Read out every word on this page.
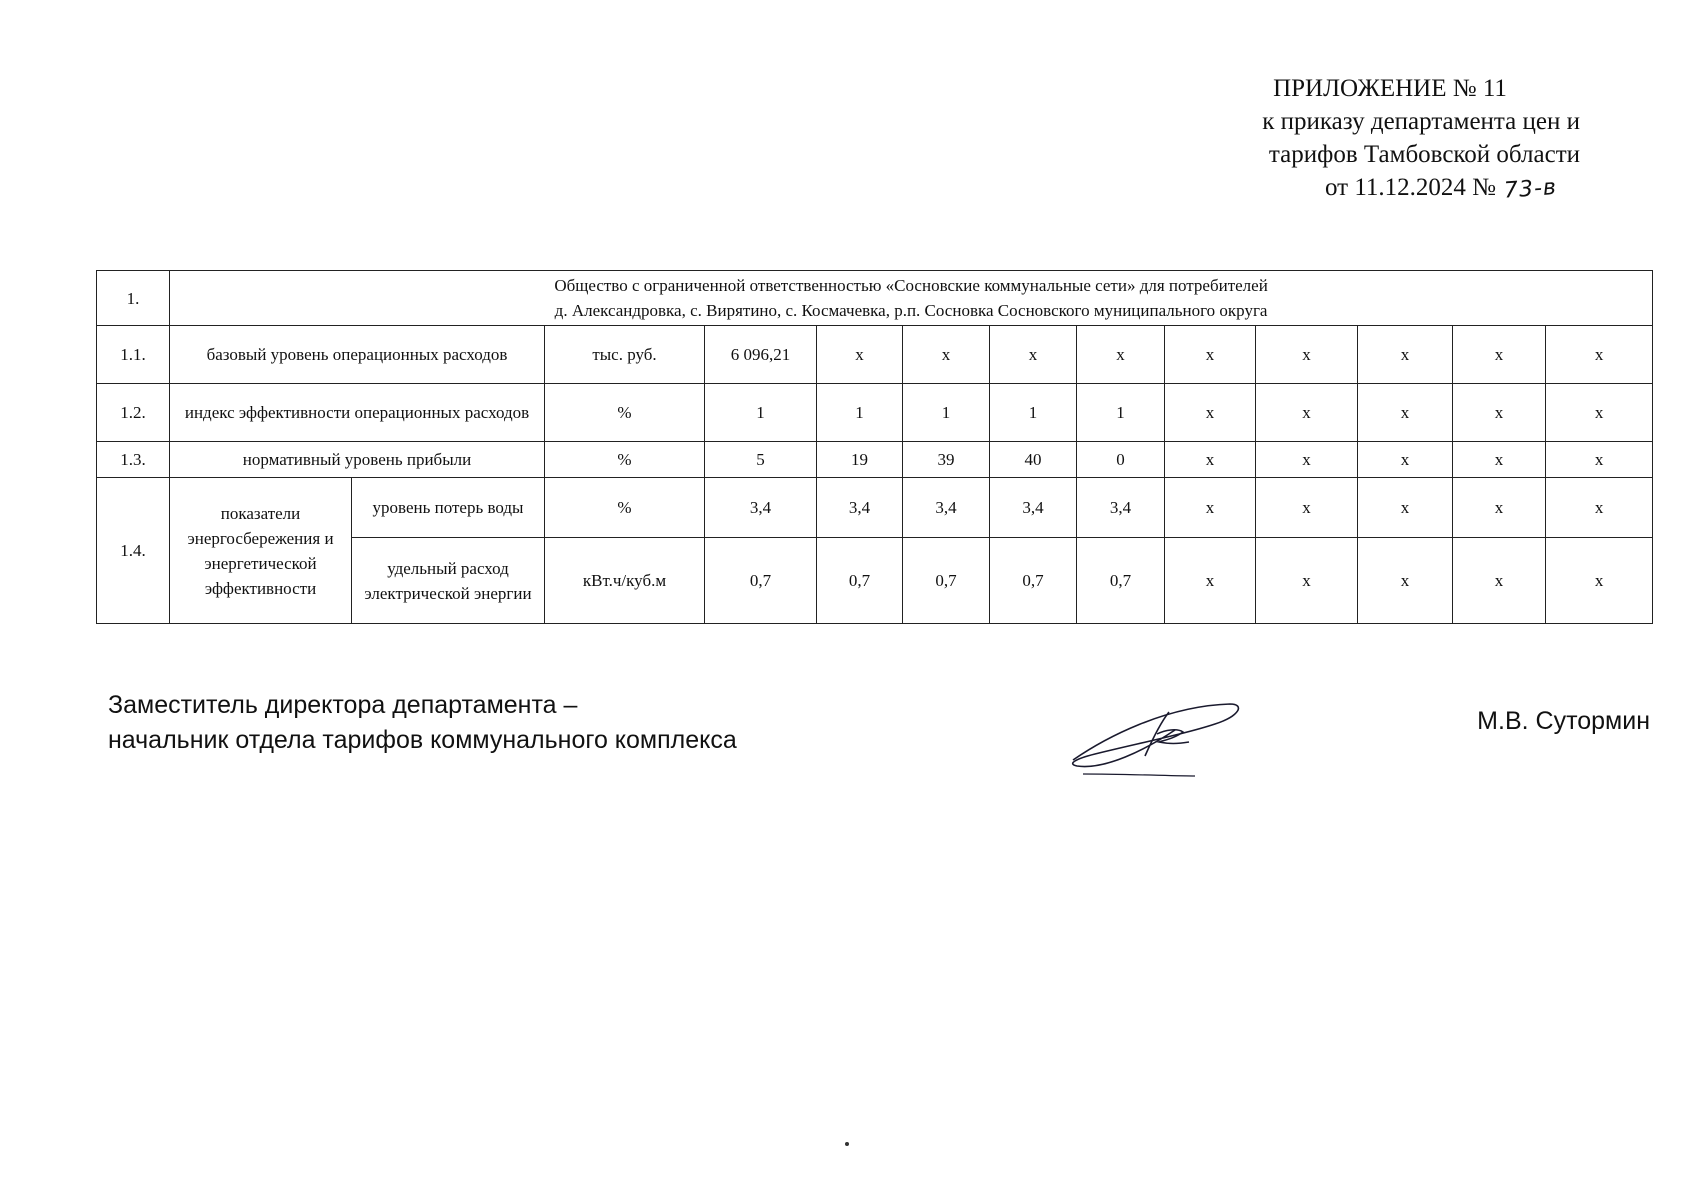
ПРИЛОЖЕНИЕ № 11
к приказу департамента цен и
тарифов Тамбовской области
от 11.12.2024 № 73-в
1.	Общество с ограниченной ответственностью «Сосновские коммунальные сети» для потребителей
д. Александровка, с. Вирятино, с. Космачевка, р.п. Сосновка Сосновского муниципального округа												

1.1.	базовый уровень операционных расходов		тыс. руб.	6 096,21	x	x	x	x	x	x	x	x	x
1.2.	индекс эффективности операционных расходов		%	1	1	1	1	1	x	x	x	x	x
1.3.	нормативный уровень прибыли		%	5	19	39	40	0	x	x	x	x	x
1.4.	показатели энергосбережения и энергетической эффективности	уровень потерь воды	%	3,4	3,4	3,4	3,4	3,4	x	x	x	x	x
		удельный расход электрической энергии	кВт.ч/куб.м	0,7	0,7	0,7	0,7	0,7	x	x	x	x	x
Заместитель директора департамента –
начальник отдела тарифов коммунального комплекса
М.В. Сутормин
